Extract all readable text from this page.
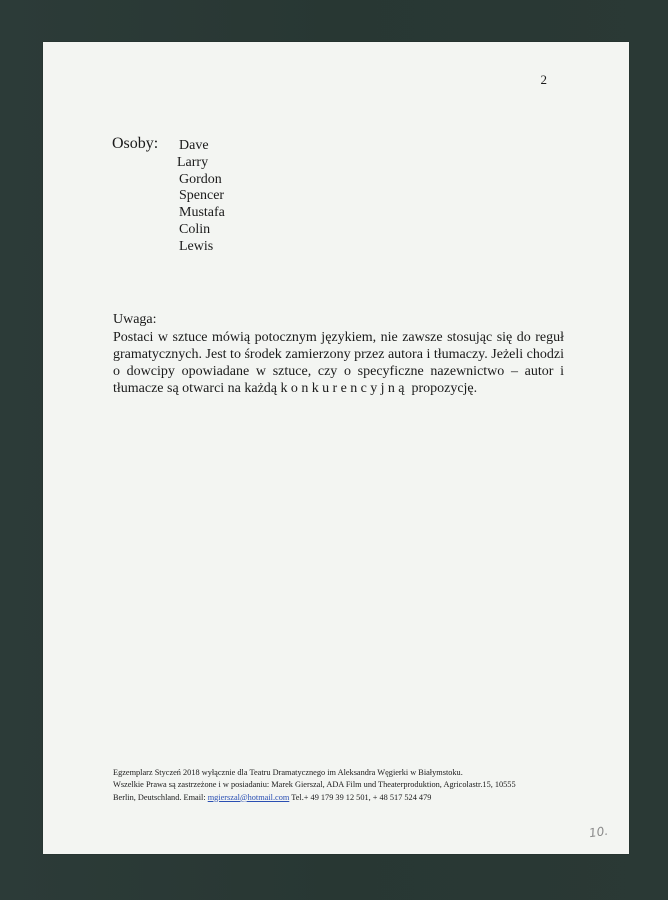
2
Osoby: Dave
Larry
Gordon
Spencer
Mustafa
Colin
Lewis
Uwaga:

Postaci w sztuce mówią potocznym językiem, nie zawsze stosując się do reguł gramatycznych. Jest to środek zamierzony przez autora i tłumaczy. Jeżeli chodzi o dowcipy opowiadane w sztuce, czy o specyficzne nazewnictwo – autor i tłumacze są otwarci na każdą konkurencyjną propozycję.

Egzemplarz Styczeń 2018 wyłącznie dla Teatru Dramatycznego im Aleksandra Węgierki w Białymstoku.

Wszelkie Prawa są zastrzeżone i w posiadaniu: Marek Gierszal, ADA Film und Theaterproduktion, Agricolastr.15, 10555

Berlin, Deutschland. Email: mgierszal@hotmail.com Tel.+ 49 179 39 12 501, + 48 517 524 479

10.
